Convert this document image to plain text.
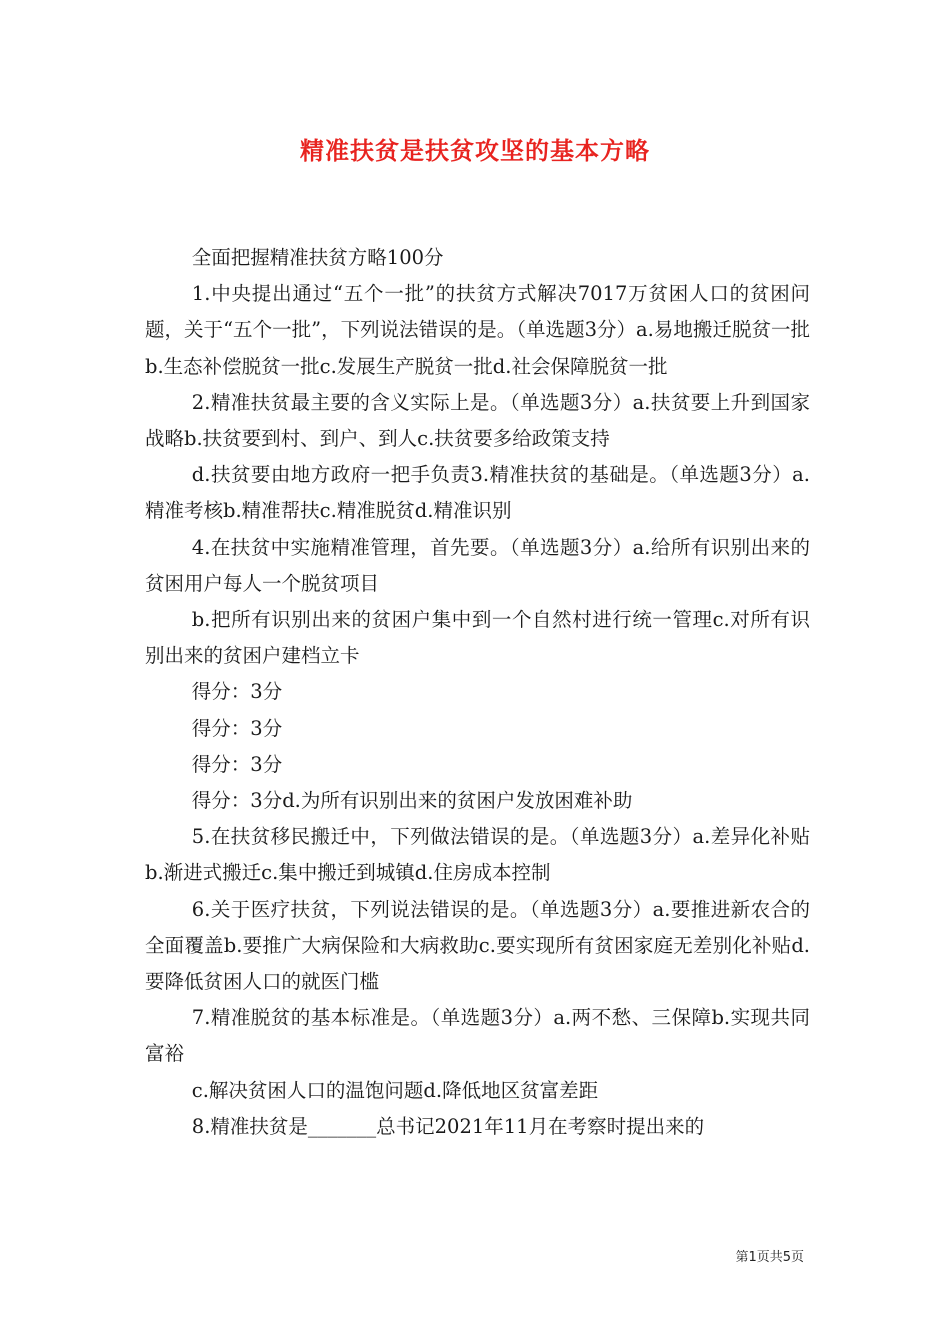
精准扶贫是扶贫攻坚的基本方略

全面把握精准扶贫方略100分

1.中央提出通过“五个一批”的扶贫方式解决7017万贫困人口的贫困问题，关于“五个一批”，下列说法错误的是。（单选题3分）a.易地搬迁脱贫一批b.生态补偿脱贫一批c.发展生产脱贫一批d.社会保障脱贫一批

2.精准扶贫最主要的含义实际上是。（单选题3分）a.扶贫要上升到国家战略b.扶贫要到村、到户、到人c.扶贫要多给政策支持

d.扶贫要由地方政府一把手负责3.精准扶贫的基础是。（单选题3分）a.精准考核b.精准帮扶c.精准脱贫d.精准识别

4.在扶贫中实施精准管理，首先要。（单选题3分）a.给所有识别出来的贫困用户每人一个脱贫项目

b.把所有识别出来的贫困户集中到一个自然村进行统一管理c.对所有识别出来的贫困户建档立卡

得分：3分

得分：3分

得分：3分

得分：3分d.为所有识别出来的贫困户发放困难补助

5.在扶贫移民搬迁中，下列做法错误的是。（单选题3分）a.差异化补贴b.渐进式搬迁c.集中搬迁到城镇d.住房成本控制

6.关于医疗扶贫，下列说法错误的是。（单选题3分）a.要推进新农合的全面覆盖b.要推广大病保险和大病救助c.要实现所有贫困家庭无差别化补贴d.要降低贫困人口的就医门槛

7.精准脱贫的基本标准是。（单选题3分）a.两不愁、三保障b.实现共同富裕

c.解决贫困人口的温饱问题d.降低地区贫富差距

8.精准扶贫是_______总书记2021年11月在考察时提出来的

第1页共5页
